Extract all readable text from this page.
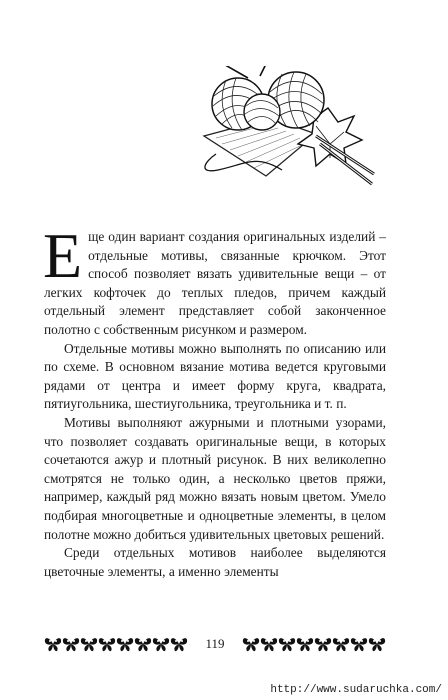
Еще один вариант создания оригинальных изделий – отдельные мотивы, связанные крючком. Этот способ позволяет вязать удивительные вещи – от легких кофточек до теплых пледов, причем каждый отдельный элемент представляет собой законченное полотно с собственным рисунком и размером.

Отдельные мотивы можно выполнять по описанию или по схеме. В основном вязание мотива ведется круговыми рядами от центра и имеет форму круга, квадрата, пятиугольника, шестиугольника, треугольника и т. п.

Мотивы выполняют ажурными и плотными узорами, что позволяет создавать оригинальные вещи, в которых сочетаются ажур и плотный рисунок. В них великолепно смотрятся не только один, а несколько цветов пряжи, например, каждый ряд можно вязать новым цветом. Умело подбирая многоцветные и одноцветные элементы, в целом полотне можно добиться удивительных цветовых решений.

Среди отдельных мотивов наиболее выделяются цветочные элементы, а именно элементы

119
http://www.sudaruchka.com/
